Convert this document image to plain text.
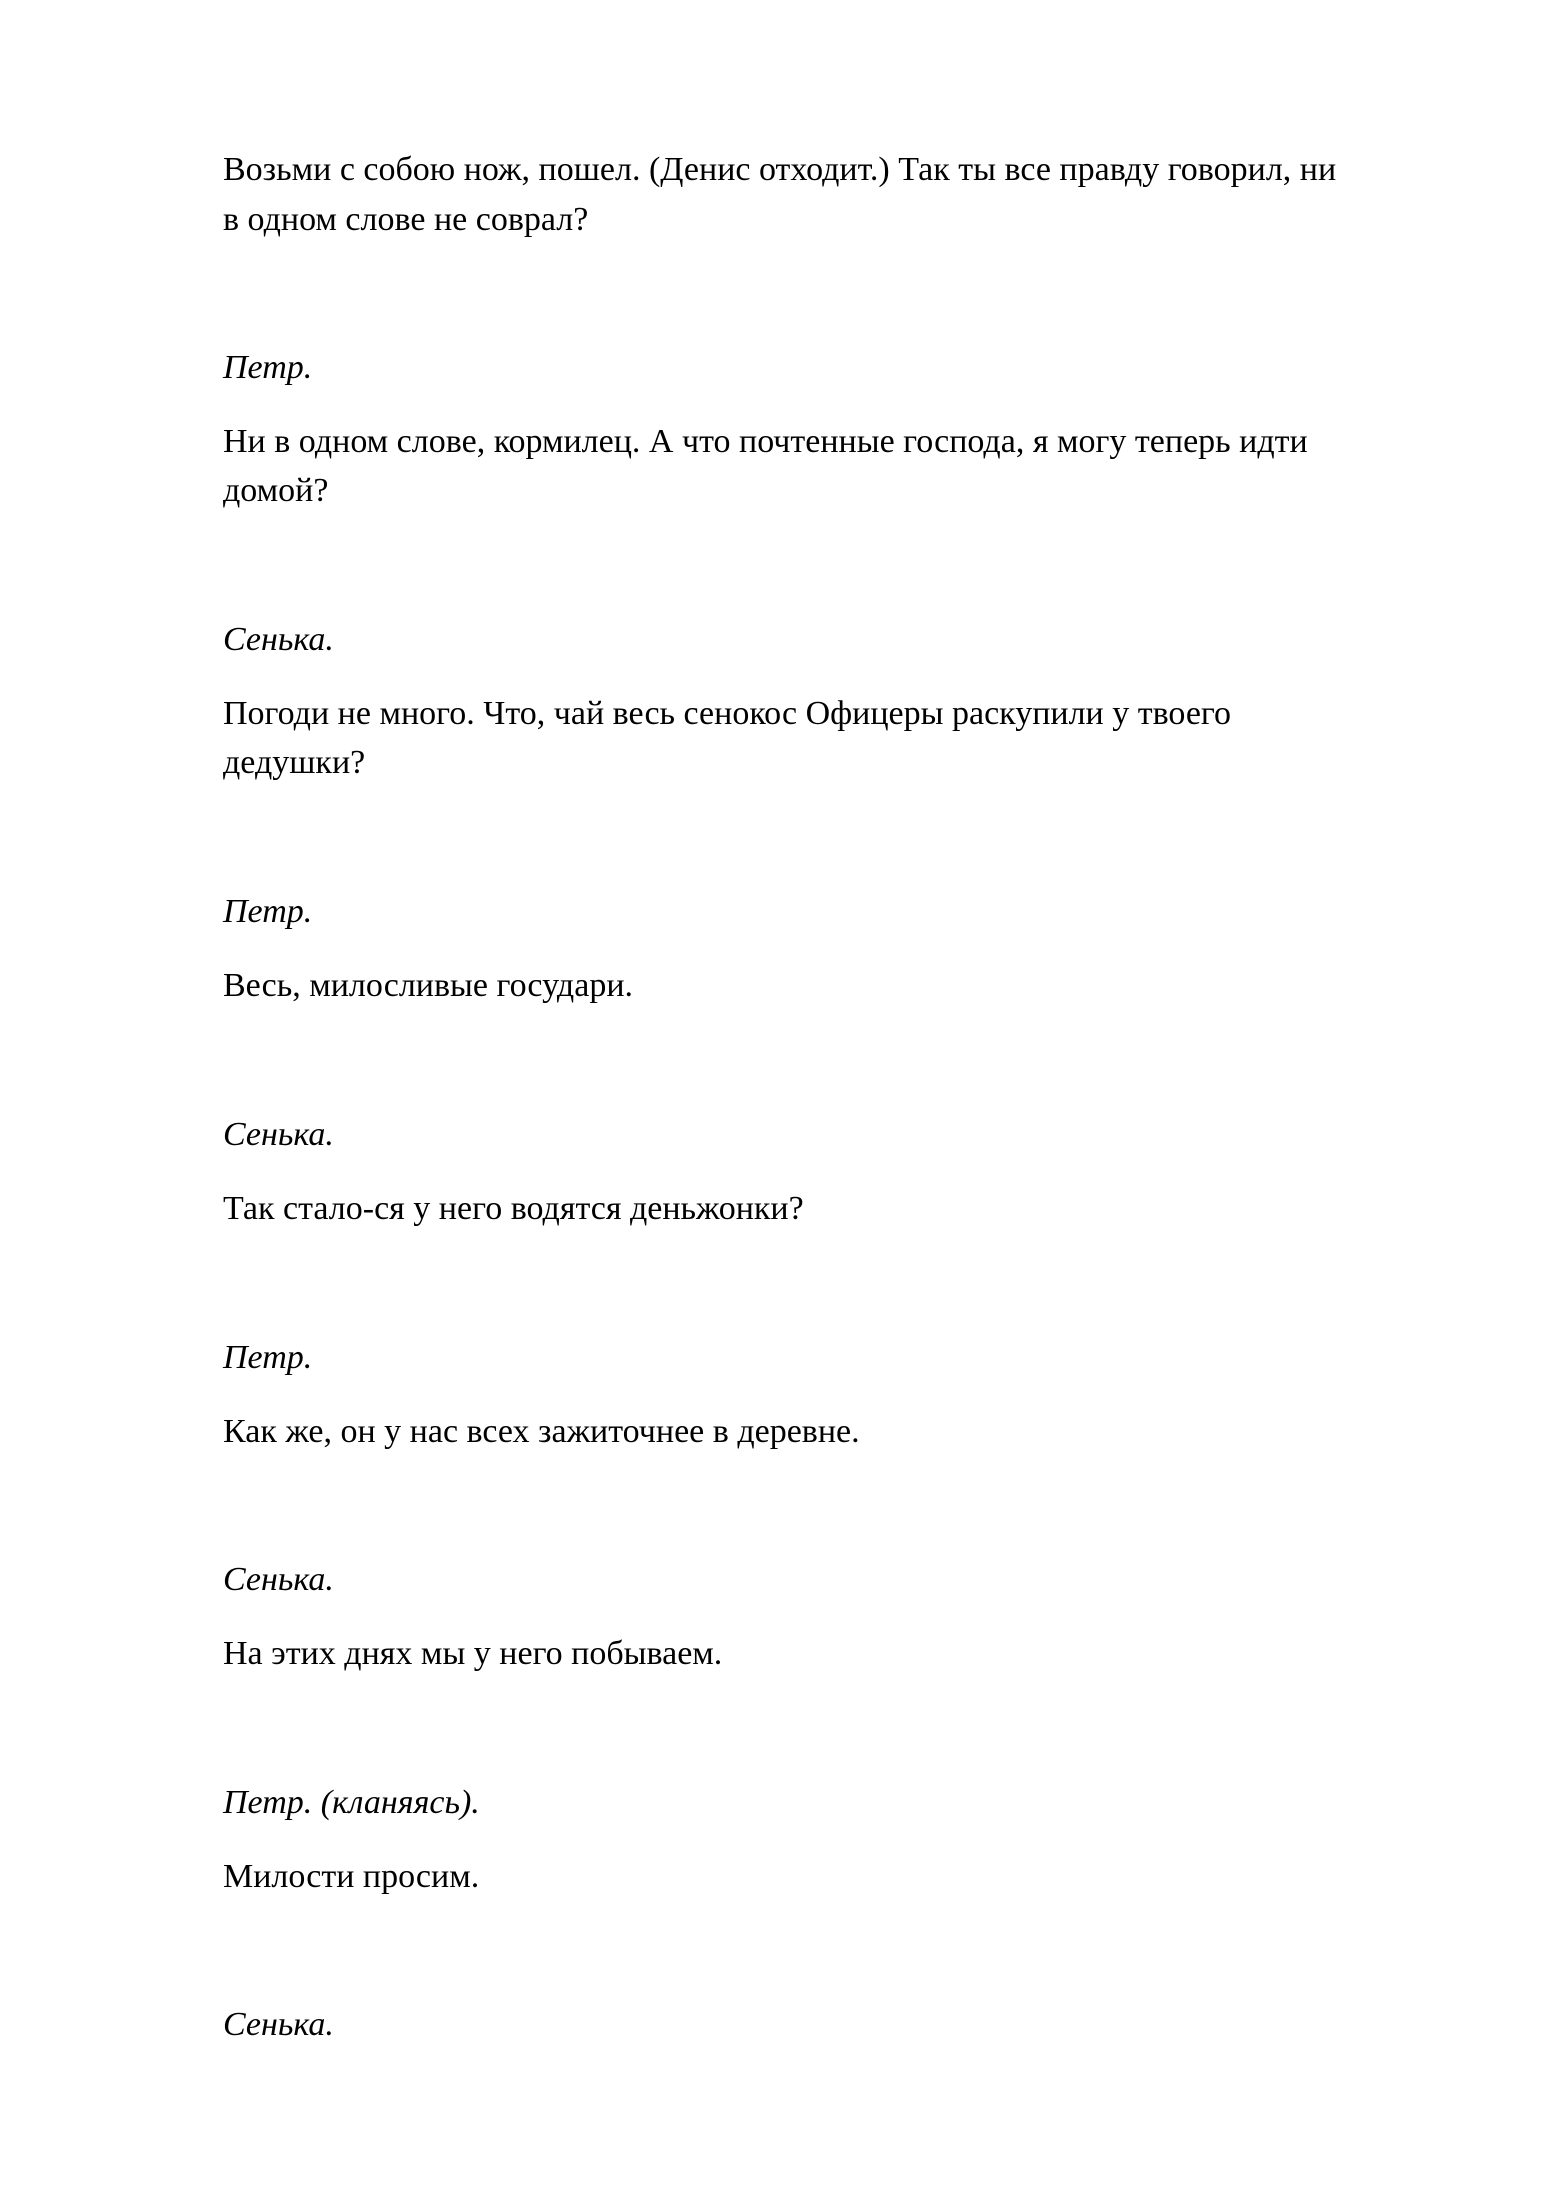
Возьми с собою нож, пошел. (Денис отходит.) Так ты все правду говорил, ни

в одном слове не соврал?

Петр.

Ни в одном слове, кормилец. А что почтенные господа, я могу теперь идти

домой?

Сенька.

Погоди не много. Что, чай весь сенокос Офицеры раскупили у твоего

дедушки?

Петр.

Весь, милосливые государи.

Сенька.

Так стало-ся у него водятся деньжонки?

Петр.

Как же, он у нас всех зажиточнее в деревне.

Сенька.

На этих днях мы у него побываем.

Петр. (кланяясь).

Милости просим.

Сенька.
